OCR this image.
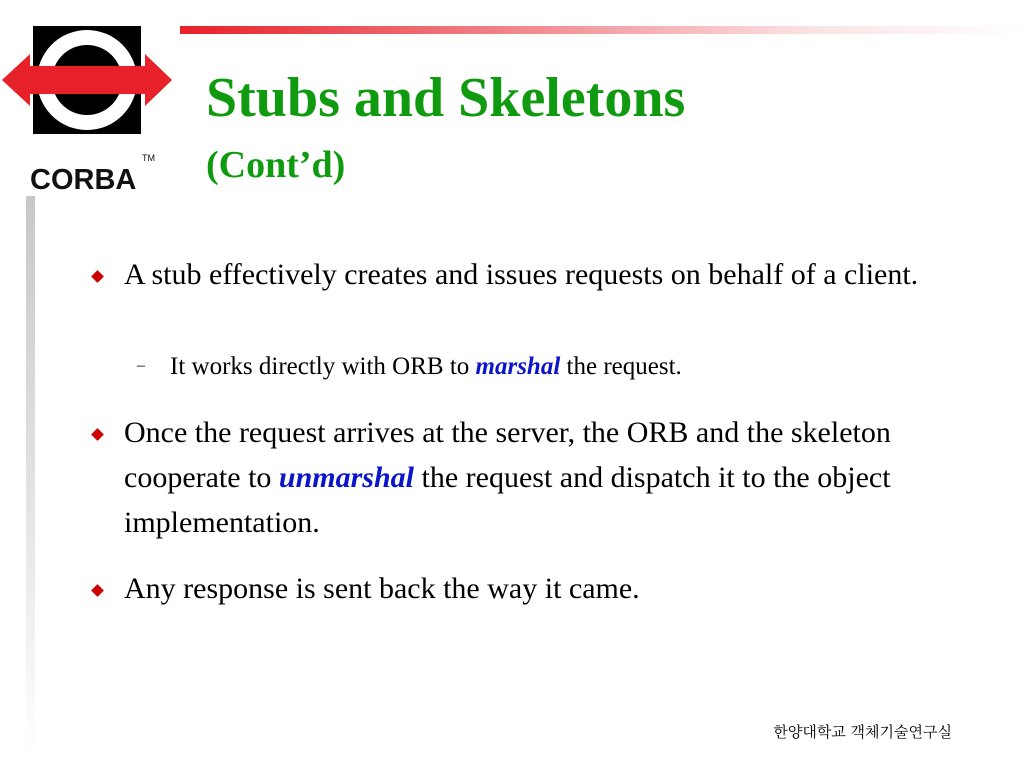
CORBA
TM
Stubs and Skeletons
(Cont’d)
A stub effectively creates and issues requests on behalf of a client.
– It works directly with ORB to marshal the request.
Once the request arrives at the server, the ORB and the skeleton cooperate to unmarshal the request and dispatch it to the object implementation.
Any response is sent back the way it came.
한양대학교 객체기술연구실
